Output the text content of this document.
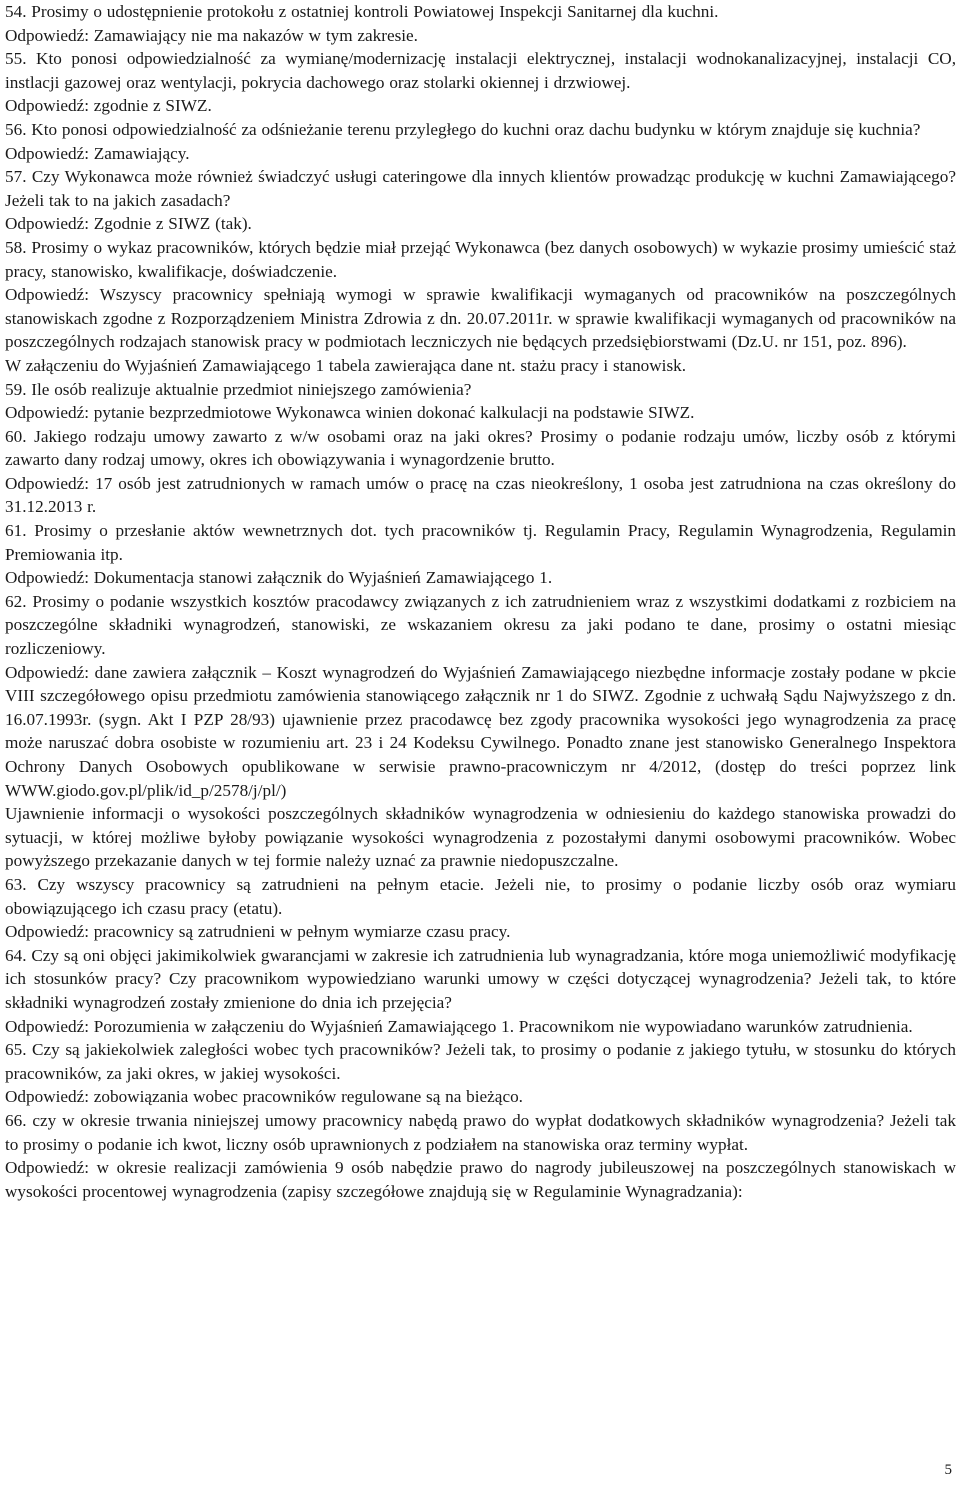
54. Prosimy o udostępnienie protokołu z ostatniej kontroli Powiatowej Inspekcji Sanitarnej dla kuchni.

Odpowiedź: Zamawiający nie ma nakazów w tym zakresie.

55. Kto ponosi odpowiedzialność za wymianę/modernizację instalacji elektrycznej, instalacji wodnokanalizacyjnej, instalacji CO, instlacji gazowej oraz wentylacji, pokrycia dachowego oraz stolarki okiennej i drzwiowej.

Odpowiedź: zgodnie z SIWZ.

56. Kto ponosi odpowiedzialność za odśnieżanie terenu przyległego do kuchni oraz dachu budynku w którym znajduje się kuchnia?

Odpowiedź: Zamawiający.

57. Czy Wykonawca może również świadczyć usługi cateringowe dla innych klientów prowadząc produkcję w kuchni Zamawiającego? Jeżeli tak to na jakich zasadach?

Odpowiedź: Zgodnie z SIWZ (tak).

58. Prosimy o wykaz pracowników, których będzie miał przejąć Wykonawca (bez danych osobowych) w wykazie prosimy umieścić staż pracy, stanowisko, kwalifikacje, doświadczenie.

Odpowiedź: Wszyscy pracownicy spełniają wymogi w sprawie kwalifikacji wymaganych od pracowników na poszczególnych stanowiskach zgodne z Rozporządzeniem Ministra Zdrowia z dn. 20.07.2011r. w sprawie kwalifikacji wymaganych od pracowników na poszczególnych rodzajach stanowisk pracy w podmiotach leczniczych nie będących przedsiębiorstwami (Dz.U. nr 151, poz. 896).

W załączeniu do Wyjaśnień Zamawiającego 1 tabela zawierająca dane nt. stażu pracy i stanowisk.

59. Ile osób realizuje aktualnie przedmiot niniejszego zamówienia?

Odpowiedź: pytanie bezprzedmiotowe Wykonawca winien dokonać kalkulacji na podstawie SIWZ.

60. Jakiego rodzaju umowy zawarto z w/w osobami oraz na jaki okres? Prosimy o podanie rodzaju umów, liczby osób z którymi zawarto dany rodzaj umowy, okres ich obowiązywania i wynagordzenie brutto.

Odpowiedź: 17 osób jest zatrudnionych w ramach umów o pracę na czas nieokreślony, 1 osoba jest zatrudniona na czas określony do 31.12.2013 r.

61. Prosimy o przesłanie aktów wewnetrznych dot. tych pracowników tj. Regulamin Pracy, Regulamin Wynagrodzenia, Regulamin Premiowania itp.

Odpowiedź: Dokumentacja stanowi załącznik do Wyjaśnień Zamawiającego 1.

62. Prosimy o podanie wszystkich kosztów pracodawcy związanych z ich zatrudnieniem wraz z wszystkimi dodatkami z rozbiciem na poszczególne składniki wynagrodzeń, stanowiski, ze wskazaniem okresu za jaki podano te dane, prosimy o ostatni miesiąc rozliczeniowy.

Odpowiedź: dane zawiera załącznik – Koszt wynagrodzeń do Wyjaśnień Zamawiającego niezbędne informacje zostały podane w pkcie VIII szczegółowego opisu przedmiotu zamówienia stanowiącego załącznik nr 1 do SIWZ. Zgodnie z uchwałą Sądu Najwyższego z dn. 16.07.1993r. (sygn. Akt I PZP 28/93) ujawnienie przez pracodawcę bez zgody pracownika wysokości jego wynagrodzenia za pracę może naruszać dobra osobiste w rozumieniu art. 23 i 24 Kodeksu Cywilnego. Ponadto znane jest stanowisko Generalnego Inspektora Ochrony Danych Osobowych opublikowane w serwisie prawno-pracowniczym nr 4/2012, (dostęp do treści poprzez link WWW.giodo.gov.pl/plik/id_p/2578/j/pl/)

Ujawnienie informacji o wysokości poszczególnych składników wynagrodzenia w odniesieniu do każdego stanowiska prowadzi do sytuacji, w której możliwe byłoby powiązanie wysokości wynagrodzenia z pozostałymi danymi osobowymi pracowników. Wobec powyższego przekazanie danych w tej formie należy uznać za prawnie niedopuszczalne.

63. Czy wszyscy pracownicy są zatrudnieni na pełnym etacie. Jeżeli nie, to prosimy o podanie liczby osób oraz wymiaru obowiązującego ich czasu pracy (etatu).

Odpowiedź: pracownicy są zatrudnieni w pełnym wymiarze czasu pracy.

64. Czy są oni objęci jakimikolwiek gwarancjami w zakresie ich zatrudnienia lub wynagradzania, które moga uniemożliwić modyfikację ich stosunków pracy? Czy pracownikom wypowiedziano warunki umowy w części dotyczącej wynagrodzenia? Jeżeli tak, to które składniki wynagrodzeń zostały zmienione do dnia ich przejęcia?

Odpowiedź: Porozumienia w załączeniu do Wyjaśnień Zamawiającego 1. Pracownikom nie wypowiadano warunków zatrudnienia.

65. Czy są jakiekolwiek zaległości wobec tych pracowników? Jeżeli tak, to prosimy o podanie z jakiego tytułu, w stosunku do których pracowników, za jaki okres, w jakiej wysokości.

Odpowiedź: zobowiązania wobec pracowników regulowane są na bieżąco.

66. czy w okresie trwania niniejszej umowy pracownicy nabędą prawo do wypłat dodatkowych składników wynagrodzenia? Jeżeli tak to prosimy o podanie ich kwot, liczny osób uprawnionych z podziałem na stanowiska oraz terminy wypłat.

Odpowiedź: w okresie realizacji zamówienia 9 osób nabędzie prawo do nagrody jubileuszowej na poszczególnych stanowiskach w wysokości procentowej wynagrodzenia (zapisy szczegółowe znajdują się w Regulaminie Wynagradzania):

5
